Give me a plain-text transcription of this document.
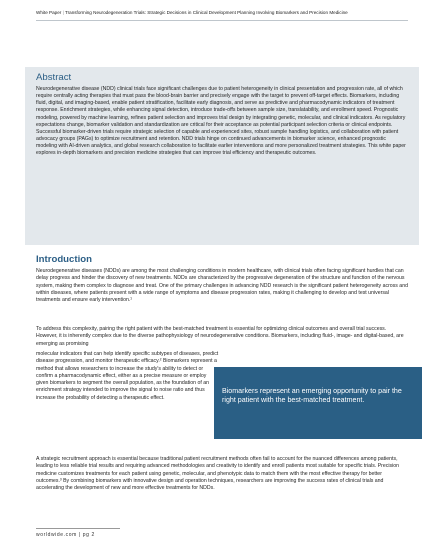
White Paper | Transforming Neurodegeneration Trials: Strategic Decisions in Clinical Development Planning Involving Biomarkers and Precision Medicine
Abstract

Neurodegenerative disease (NDD) clinical trials face significant challenges due to patient heterogeneity in clinical presentation and progression rate, all of which require centrally acting therapies that must pass the blood-brain barrier and precisely engage with the target to prevent off-target effects. Biomarkers, including fluid, digital, and imaging-based, enable patient stratification, facilitate early diagnosis, and serve as predictive and pharmacodynamic indicators of treatment response. Enrichment strategies, while enhancing signal detection, introduce trade-offs between sample size, translatability, and enrollment speed. Prognostic modeling, powered by machine learning, refines patient selection and improves trial design by integrating genetic, molecular, and clinical indicators. As regulatory expectations change, biomarker validation and standardization are critical for their acceptance as potential participant selection criteria or clinical endpoints. Successful biomarker-driven trials require strategic selection of capable and experienced sites, robust sample handling logistics, and collaboration with patient advocacy groups (PAGs) to optimize recruitment and retention. NDD trials hinge on continued advancements in biomarker science, enhanced prognostic modeling with AI-driven analytics, and global research collaboration to facilitate earlier interventions and more personalized treatment strategies. This white paper explores in-depth biomarkers and precision medicine strategies that can improve trial efficiency and therapeutic outcomes.

Introduction

Neurodegenerative diseases (NDDs) are among the most challenging conditions in modern healthcare, with clinical trials often facing significant hurdles that can delay progress and hinder the discovery of new treatments. NDDs are characterized by the progressive degeneration of the structure and function of the nervous system, making them complex to diagnose and treat. One of the primary challenges in advancing NDD research is the significant patient heterogeneity across and within diseases, where patients present with a wide range of symptoms and disease progression rates, making it challenging to develop and test universal treatments and ensure early intervention.¹

To address this complexity, pairing the right patient with the best-matched treatment is essential for optimizing clinical outcomes and overall trial success. However, it is inherently complex due to the diverse pathophysiology of neurodegenerative conditions. Biomarkers, including fluid-, image- and digital-based, are emerging as promising

molecular indicators that can help identify specific subtypes of diseases, predict disease progression, and monitor therapeutic efficacy.² Biomarkers represent a method that allows researchers to increase the study's ability to detect or confirm a pharmacodynamic effect, either as a precise measure or employ given biomarkers to segment the overall population, as the foundation of an enrichment strategy intended to improve the signal to noise ratio and thus increase the probability of detecting a therapeutic effect.

Biomarkers represent an emerging opportunity to pair the right patient with the best-matched treatment.

A strategic recruitment approach is essential because traditional patient recruitment methods often fail to account for the nuanced differences among patients, leading to less reliable trial results and requiring advanced methodologies and creativity to identify and enroll patients most suitable for specific trials. Precision medicine customizes treatments for each patient using genetic, molecular, and phenotypic data to match them with the most effective therapy for better outcomes.³ By combining biomarkers with innovative design and operation techniques, researchers are improving the success rates of clinical trials and accelerating the development of new and more effective treatments for NDDs.

worldwide.com | pg 2
